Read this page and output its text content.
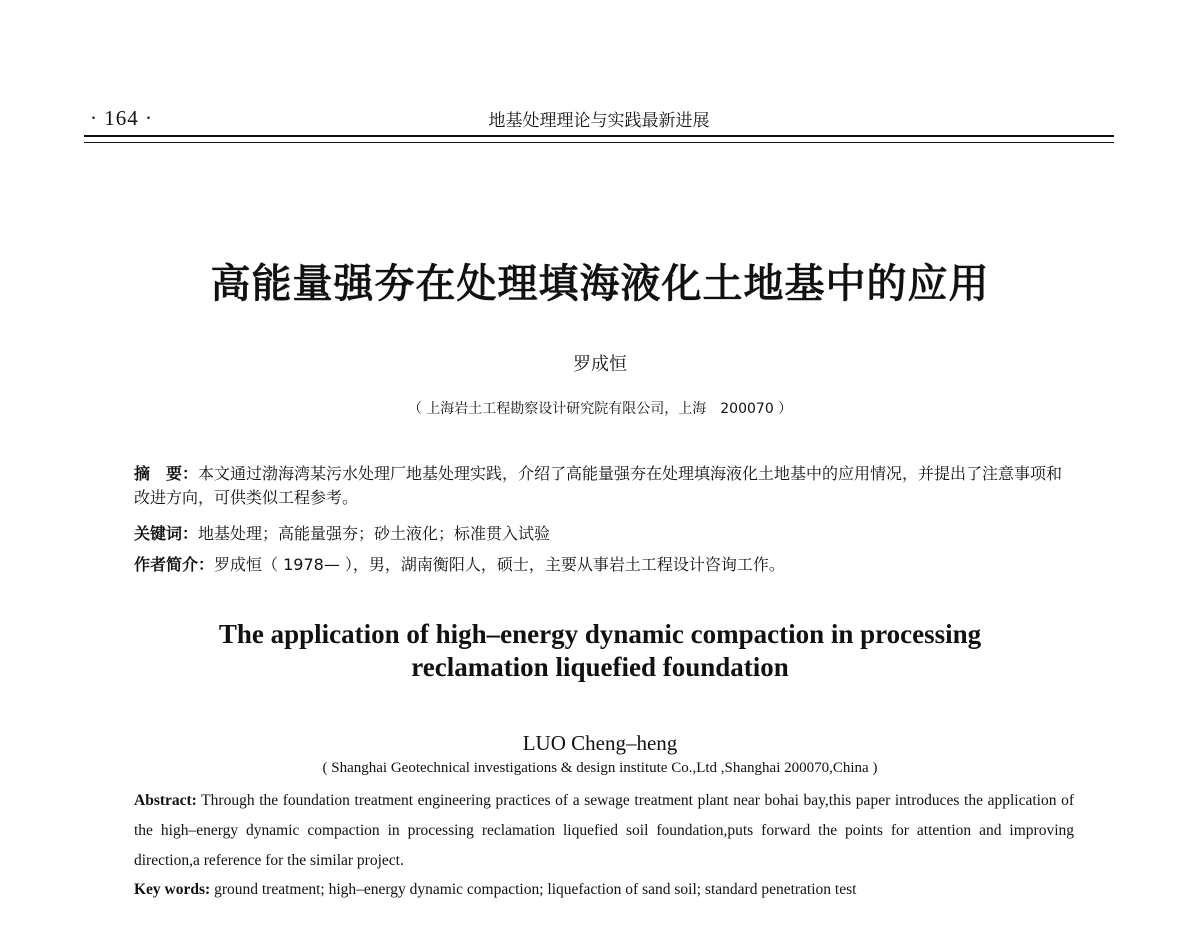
· 164 ·	地基处理理论与实践最新进展
高能量强夯在处理填海液化土地基中的应用
罗成恒
（ 上海岩土工程勘察设计研究院有限公司，上海　200070 ）
摘　要：本文通过渤海湾某污水处理厂地基处理实践，介绍了高能量强夯在处理填海液化土地基中的应用情况，并提出了注意事项和改进方向，可供类似工程参考。
关键词：地基处理；高能量强夯；砂土液化；标准贯入试验
作者简介：罗成恒（ 1978— ），男，湖南衡阳人，硕士，主要从事岩土工程设计咨询工作。
The application of high–energy dynamic compaction in processing
reclamation liquefied foundation
LUO Cheng–heng
( Shanghai Geotechnical investigations & design institute Co.,Ltd ,Shanghai 200070,China )
Abstract: Through the foundation treatment engineering practices of a sewage treatment plant near bohai bay,this paper introduces the application of the high–energy dynamic compaction in processing reclamation liquefied soil foundation,puts forward the points for attention and improving direction,a reference for the similar project.
Key words: ground treatment; high–energy dynamic compaction; liquefaction of sand soil; standard penetration test
